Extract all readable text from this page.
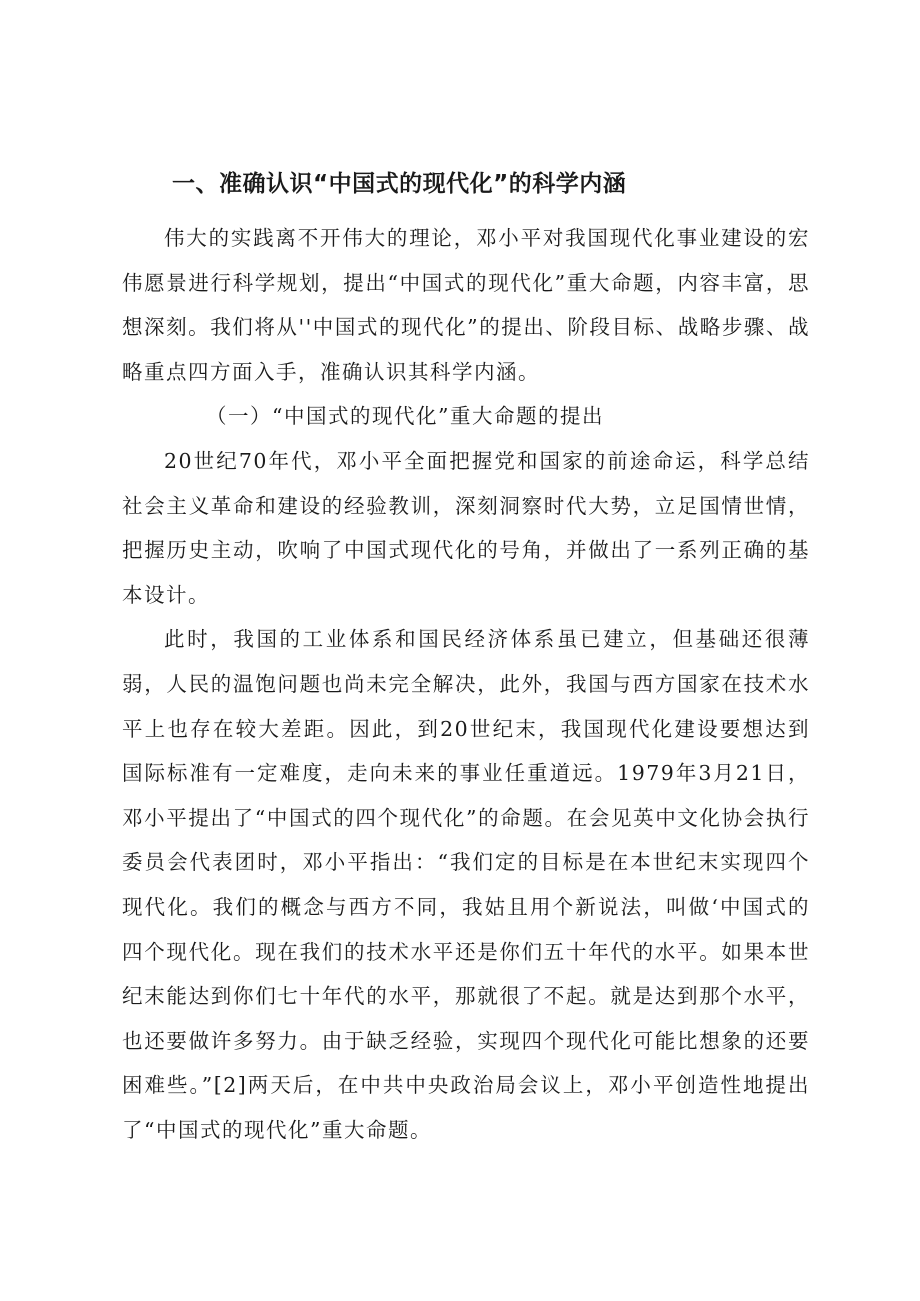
一、准确认识“中国式的现代化”的科学内涵

伟大的实践离不开伟大的理论，邓小平对我国现代化事业建设的宏伟愿景进行科学规划，提出“中国式的现代化”重大命题，内容丰富，思想深刻。我们将从''中国式的现代化”的提出、阶段目标、战略步骤、战略重点四方面入手，准确认识其科学内涵。

（一）“中国式的现代化”重大命题的提出

20世纪70年代，邓小平全面把握党和国家的前途命运，科学总结社会主义革命和建设的经验教训，深刻洞察时代大势，立足国情世情，把握历史主动，吹响了中国式现代化的号角，并做出了一系列正确的基本设计。

此时，我国的工业体系和国民经济体系虽已建立，但基础还很薄弱，人民的温饱问题也尚未完全解决，此外，我国与西方国家在技术水平上也存在较大差距。因此，到20世纪末，我国现代化建设要想达到国际标准有一定难度，走向未来的事业任重道远。1979年3月21日，邓小平提出了“中国式的四个现代化”的命题。在会见英中文化协会执行委员会代表团时，邓小平指出：“我们定的目标是在本世纪末实现四个现代化。我们的概念与西方不同，我姑且用个新说法，叫做‘中国式的四个现代化。现在我们的技术水平还是你们五十年代的水平。如果本世纪末能达到你们七十年代的水平，那就很了不起。就是达到那个水平，也还要做许多努力。由于缺乏经验，实现四个现代化可能比想象的还要困难些。”[2]两天后，在中共中央政治局会议上，邓小平创造性地提出了“中国式的现代化”重大命题。
